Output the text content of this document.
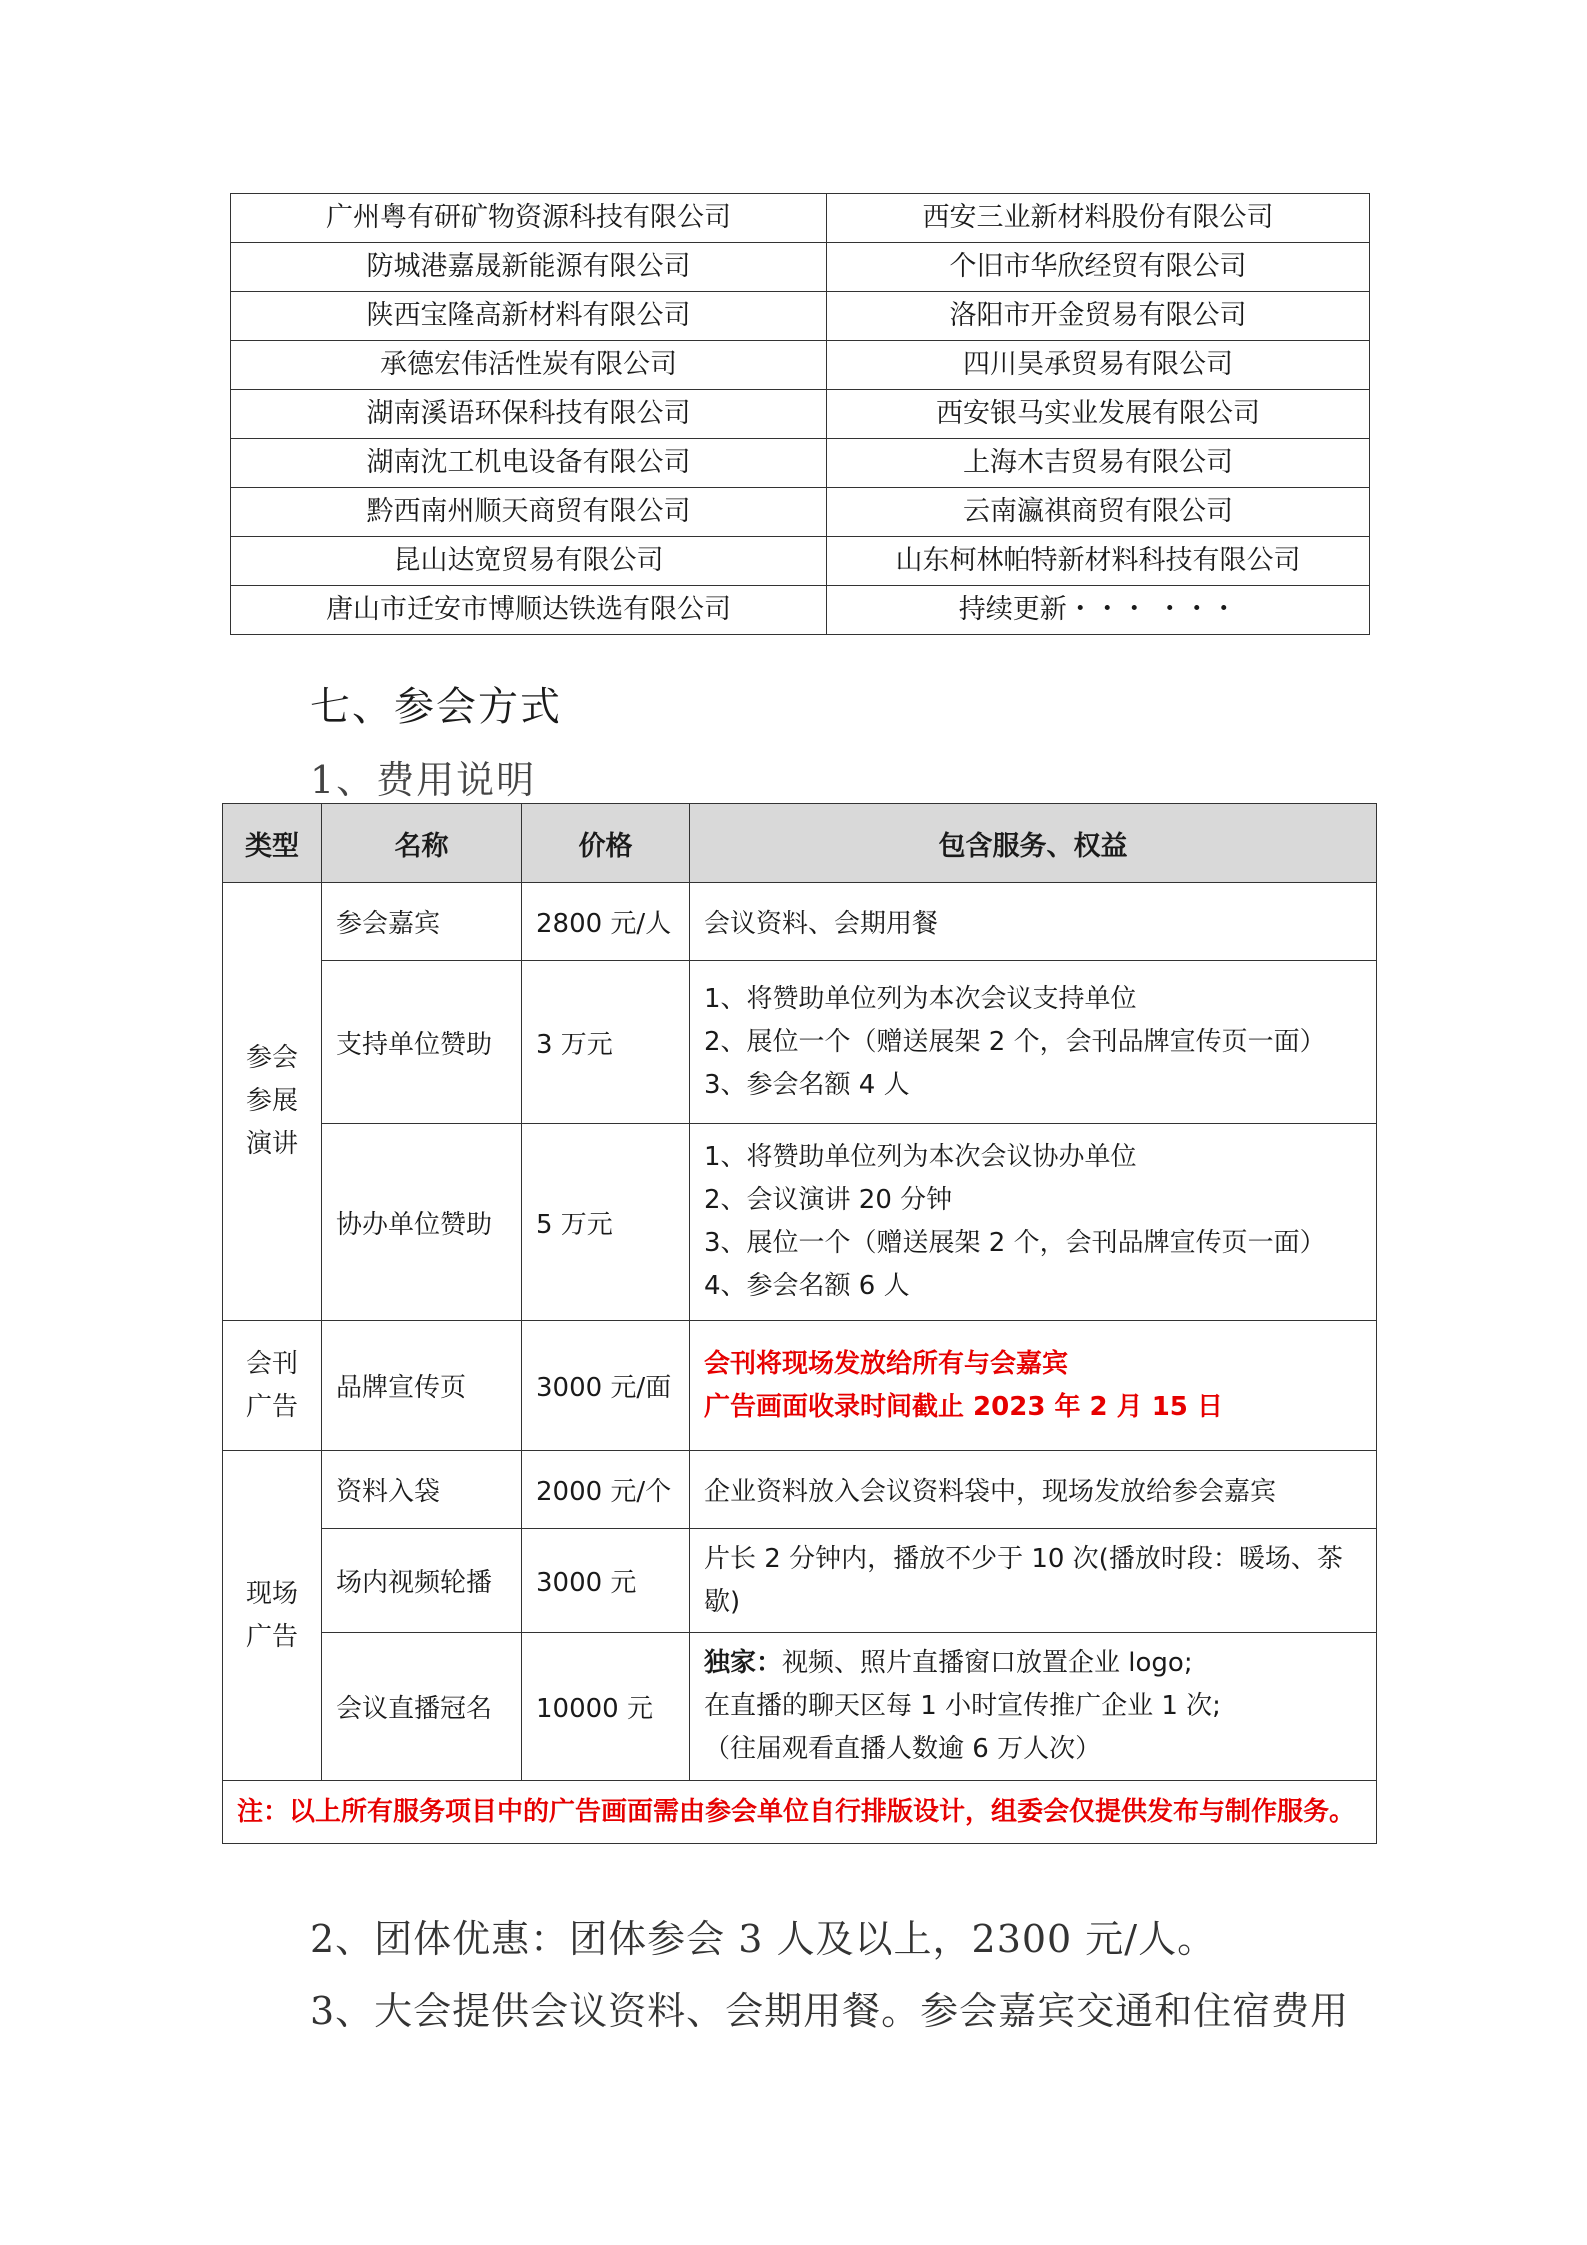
广州粤有研矿物资源科技有限公司	西安三业新材料股份有限公司
防城港嘉晟新能源有限公司	个旧市华欣经贸有限公司
陕西宝隆高新材料有限公司	洛阳市开金贸易有限公司
承德宏伟活性炭有限公司	四川昊承贸易有限公司
湖南溪语环保科技有限公司	西安银马实业发展有限公司
湖南沈工机电设备有限公司	上海木吉贸易有限公司
黔西南州顺天商贸有限公司	云南瀛祺商贸有限公司
昆山达宽贸易有限公司	山东柯林帕特新材料科技有限公司
唐山市迁安市博顺达铁选有限公司	持续更新・・・ ・・・
七、参会方式
1、费用说明
类型	名称	价格	包含服务、权益

参会
参展
演讲	参会嘉宾	2800 元/人	会议资料、会期用餐
	支持单位赞助	3 万元	1、将赞助单位列为本次会议支持单位
2、展位一个（赠送展架 2 个，会刊品牌宣传页一面）
3、参会名额 4 人

	协办单位赞助	5 万元	1、将赞助单位列为本次会议协办单位
2、会议演讲 20 分钟
3、展位一个（赠送展架 2 个，会刊品牌宣传页一面）
4、参会名额 6 人

会刊
广告	品牌宣传页	3000 元/面	会刊将现场发放给所有与会嘉宾
广告画面收录时间截止 2023 年 2 月 15 日

现场
广告	资料入袋	2000 元/个	企业资料放入会议资料袋中，现场发放给参会嘉宾
	场内视频轮播	3000 元	片长 2 分钟内，播放不少于 10 次(播放时段：暖场、茶歇)
	会议直播冠名	10000 元	独家：视频、照片直播窗口放置企业 logo;
在直播的聊天区每 1 小时宣传推广企业 1 次;
（往届观看直播人数逾 6 万人次）

注：以上所有服务项目中的广告画面需由参会单位自行排版设计，组委会仅提供发布与制作服务。			
2、团体优惠：团体参会 3 人及以上，2300 元/人。
3、大会提供会议资料、会期用餐。参会嘉宾交通和住宿费用
